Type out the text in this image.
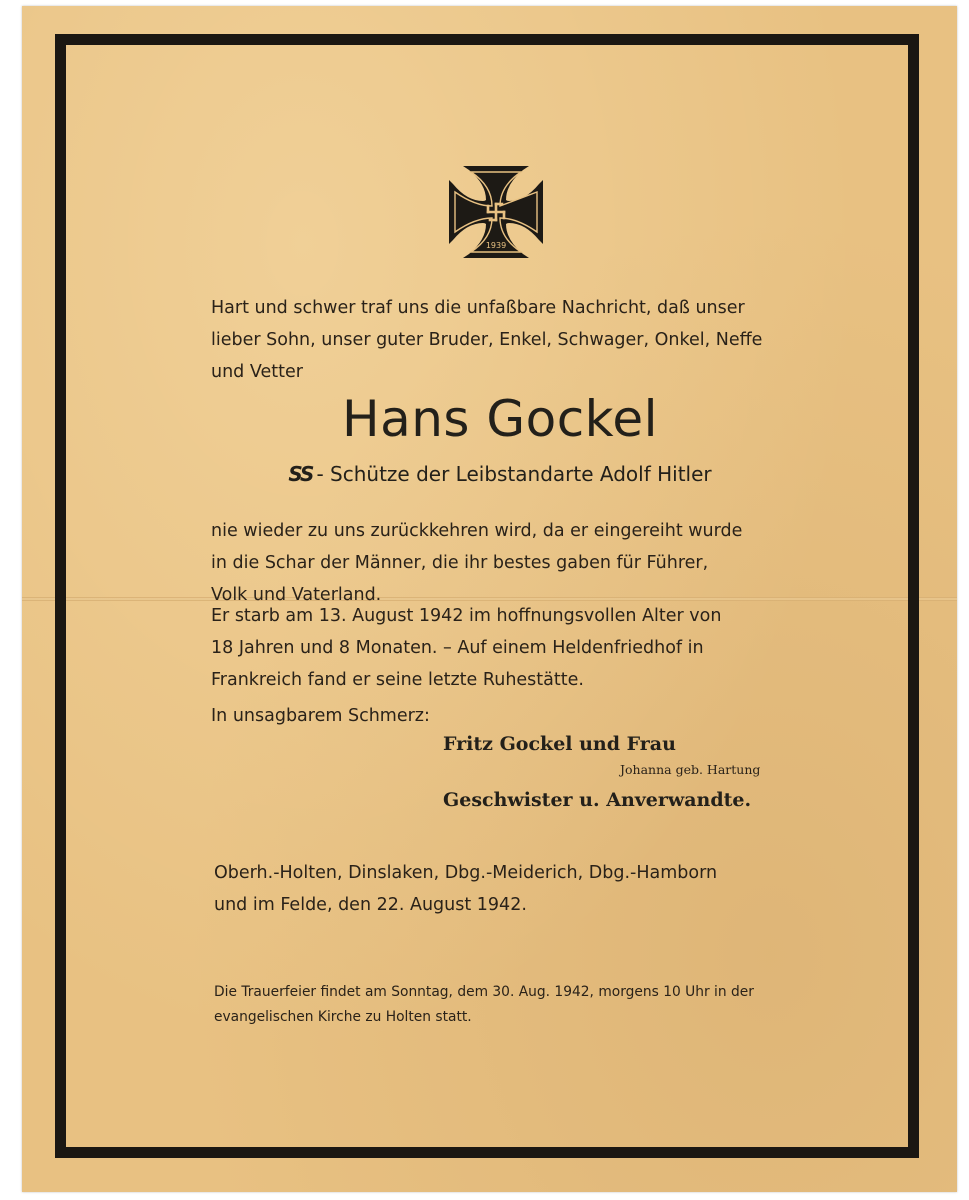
1939
Hart und schwer traf uns die unfaßbare Nachricht, daß unser
lieber Sohn, unser guter Bruder, Enkel, Schwager, Onkel, Neffe
und Vetter
Hans Gockel
SS - Schütze der Leibstandarte Adolf Hitler
nie wieder zu uns zurückkehren wird, da er eingereiht wurde
in die Schar der Männer, die ihr bestes gaben für Führer,
Volk und Vaterland.
Er starb am 13. August 1942 im hoffnungsvollen Alter von
18 Jahren und 8 Monaten. – Auf einem Heldenfriedhof in
Frankreich fand er seine letzte Ruhestätte.
In unsagbarem Schmerz:
Fritz Gockel und Frau
Johanna geb. Hartung
Geschwister u. Anverwandte.
Oberh.-Holten, Dinslaken, Dbg.-Meiderich, Dbg.-Hamborn
und im Felde, den 22. August 1942.
Die Trauerfeier findet am Sonntag, dem 30. Aug. 1942, morgens 10 Uhr in der
evangelischen Kirche zu Holten statt.
